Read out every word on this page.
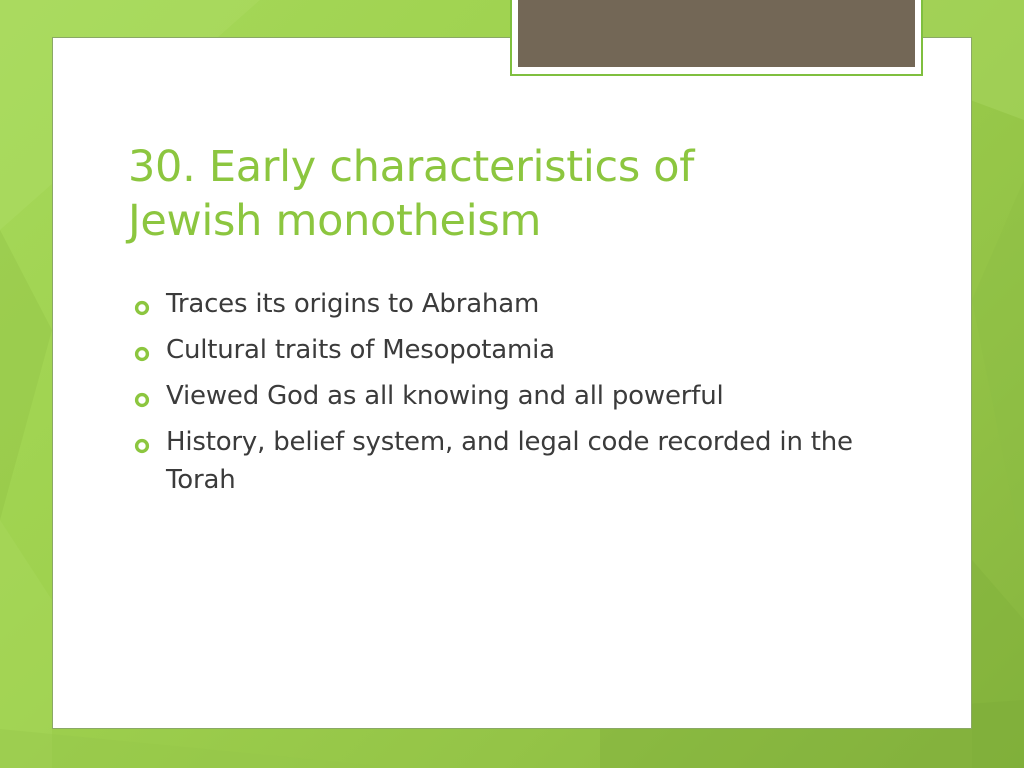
30. Early characteristics of
Jewish monotheism
Traces its origins to Abraham
Cultural traits of Mesopotamia
Viewed God as all knowing and all powerful
History, belief system, and legal code recorded in the Torah
